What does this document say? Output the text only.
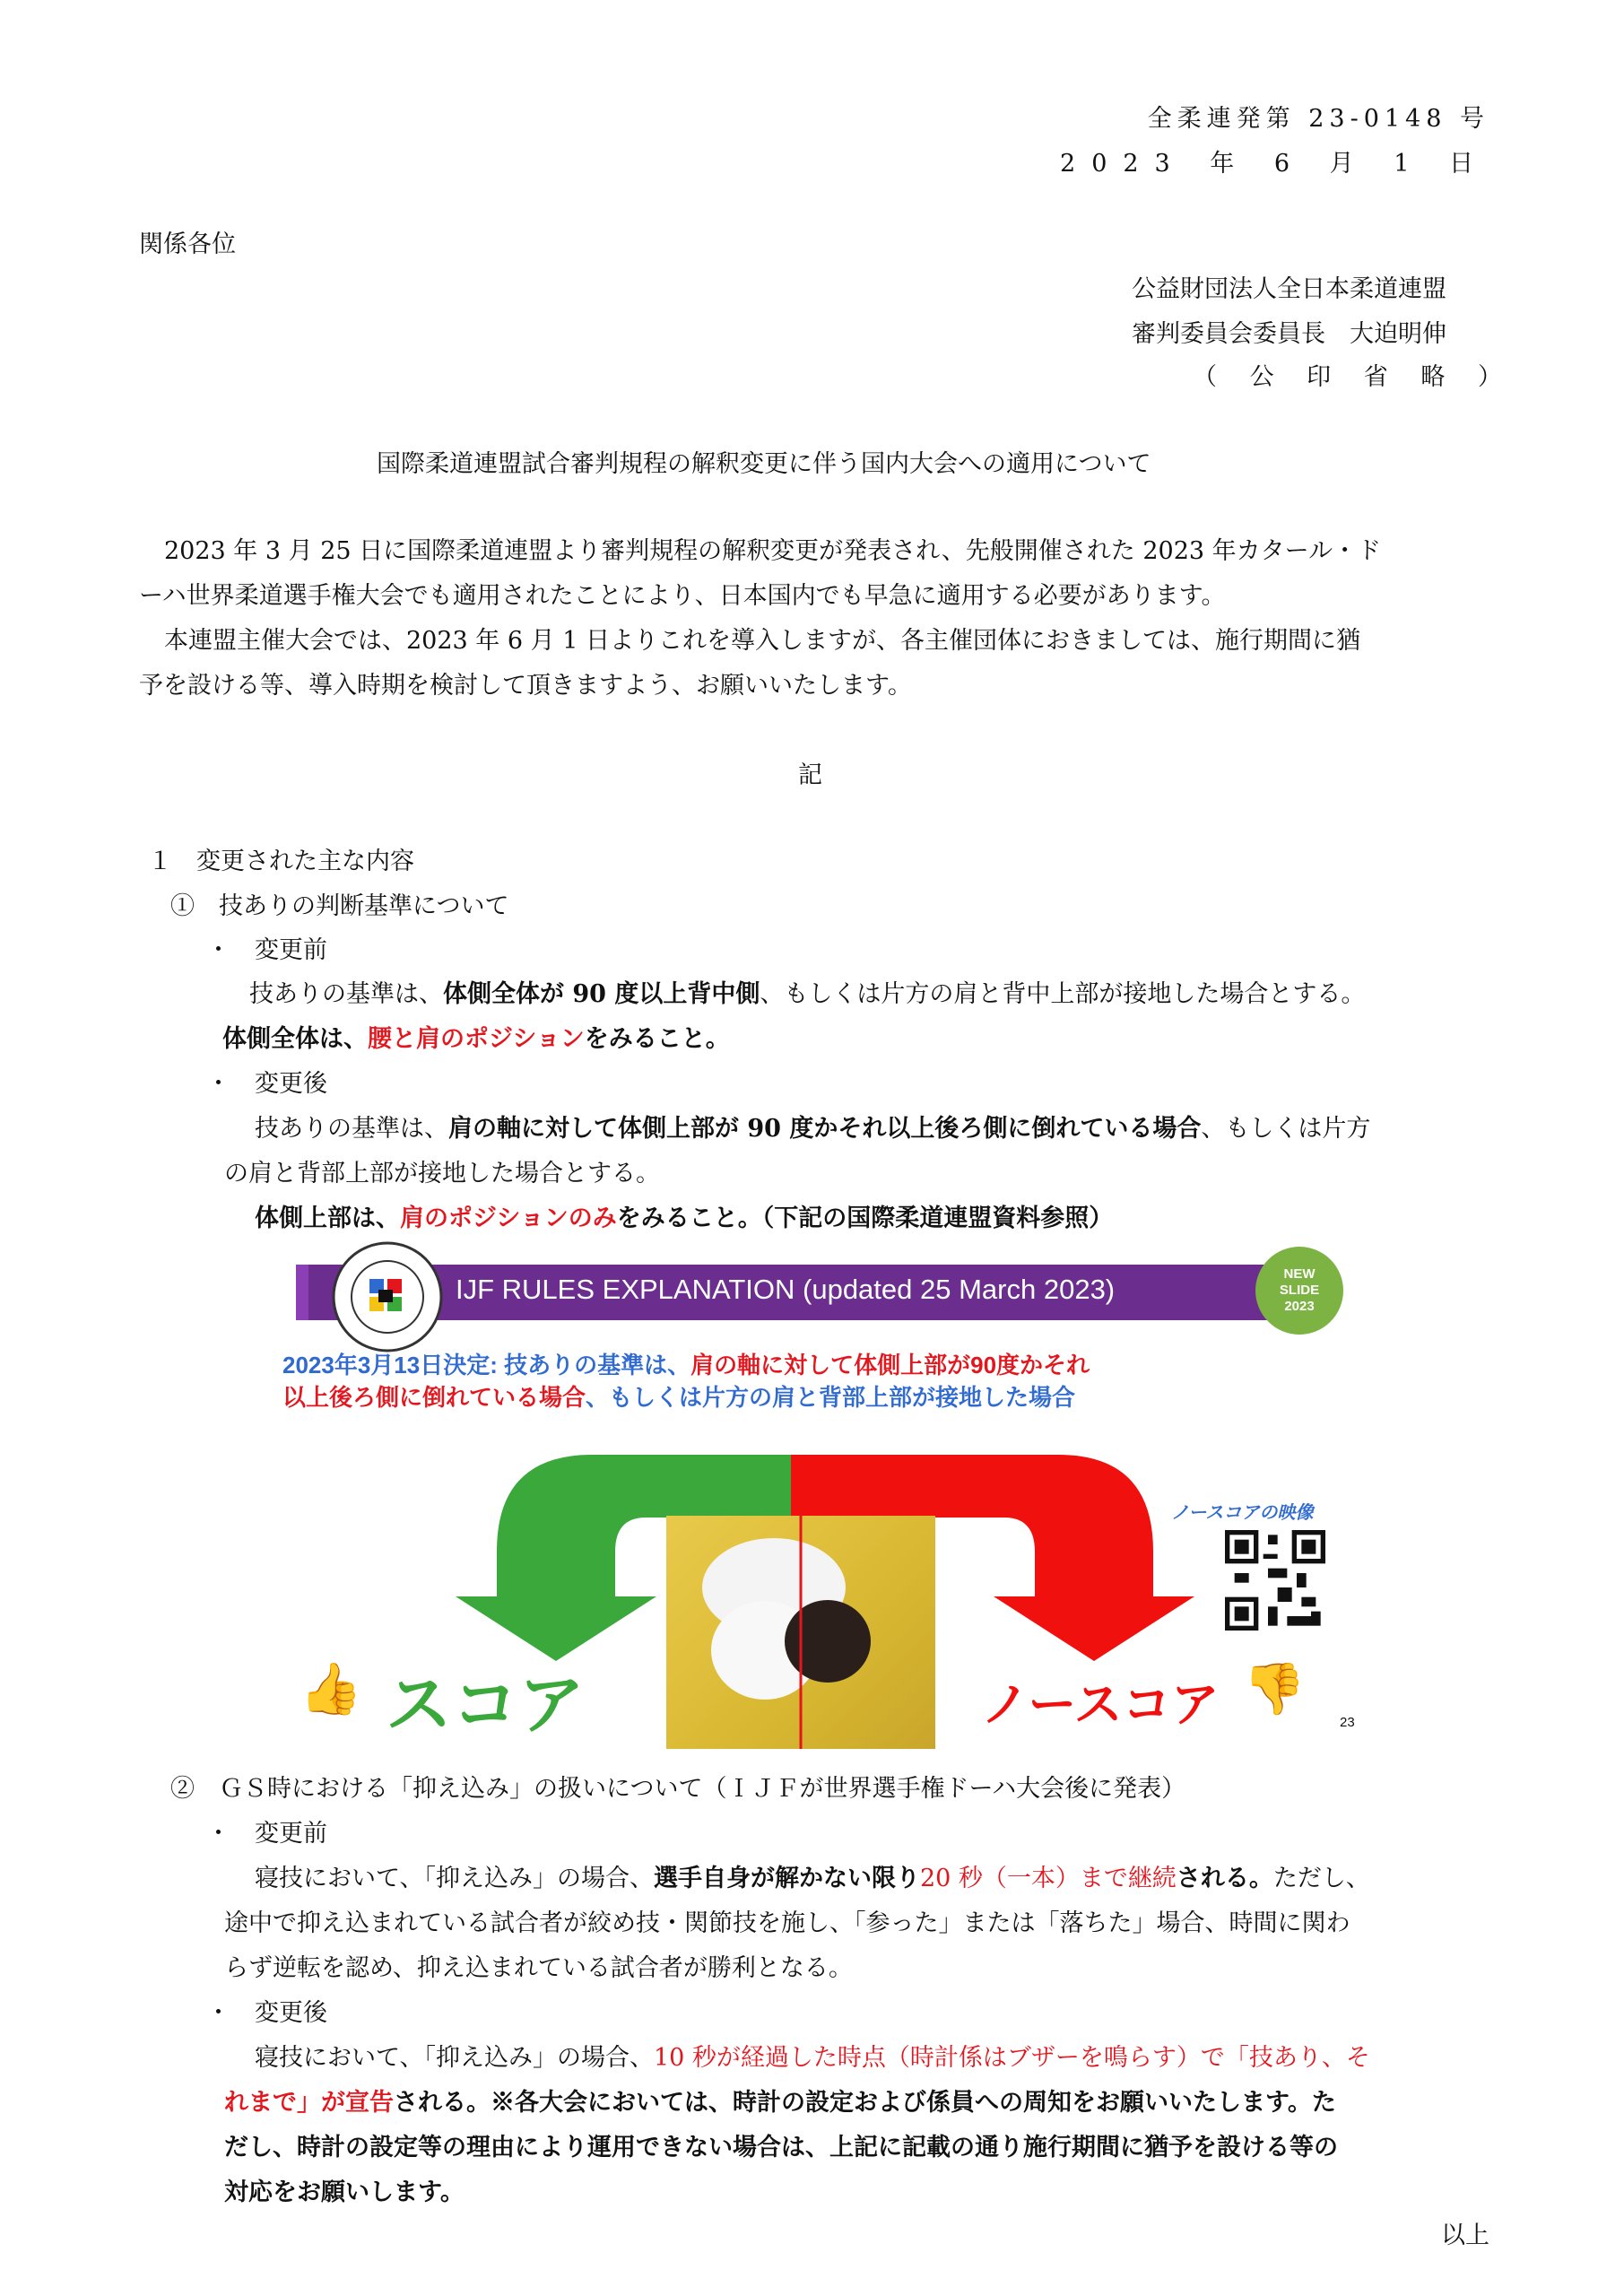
全柔連発第 23-0148 号
2023 年 6 月 1 日
関係各位
公益財団法人全日本柔道連盟
審判委員会委員長　大迫明伸
（ 公 印 省 略 ）
国際柔道連盟試合審判規程の解釈変更に伴う国内大会への適用について
2023 年 3 月 25 日に国際柔道連盟より審判規程の解釈変更が発表され、先般開催された 2023 年カタール・ド
ーハ世界柔道選手権大会でも適用されたことにより、日本国内でも早急に適用する必要があります。
本連盟主催大会では、2023 年 6 月 1 日よりこれを導入しますが、各主催団体におきましては、施行期間に猶
予を設ける等、導入時期を検討して頂きますよう、お願いいたします。
記
１　変更された主な内容
①　技ありの判断基準について
・　変更前
技ありの基準は、体側全体が 90 度以上背中側、もしくは片方の肩と背中上部が接地した場合とする。
体側全体は、腰と肩のポジションをみること。
・　変更後
技ありの基準は、肩の軸に対して体側上部が 90 度かそれ以上後ろ側に倒れている場合、もしくは片方
の肩と背部上部が接地した場合とする。
体側上部は、肩のポジションのみをみること。（下記の国際柔道連盟資料参照）
IJF RULES EXPLANATION (updated 25 March 2023)	NEW
SLIDE
2023
2023年3月13日決定: 技ありの基準は、肩の軸に対して体側上部が90度かそれ
以上後ろ側に倒れている場合、もしくは片方の肩と背部上部が接地した場合
👍 スコア	ノースコア 👎
ノースコアの映像
23
②　ＧＳ時における「抑え込み」の扱いについて（ＩＪＦが世界選手権ドーハ大会後に発表）
・　変更前
寝技において、「抑え込み」の場合、選手自身が解かない限り20 秒（一本）まで継続される。ただし、
途中で抑え込まれている試合者が絞め技・関節技を施し、「参った」または「落ちた」場合、時間に関わ
らず逆転を認め、抑え込まれている試合者が勝利となる。
・　変更後
寝技において、「抑え込み」の場合、10 秒が経過した時点（時計係はブザーを鳴らす）で「技あり、そ
れまで」が宣告される。※各大会においては、時計の設定および係員への周知をお願いいたします。た
だし、時計の設定等の理由により運用できない場合は、上記に記載の通り施行期間に猶予を設ける等の
対応をお願いします。
以上
